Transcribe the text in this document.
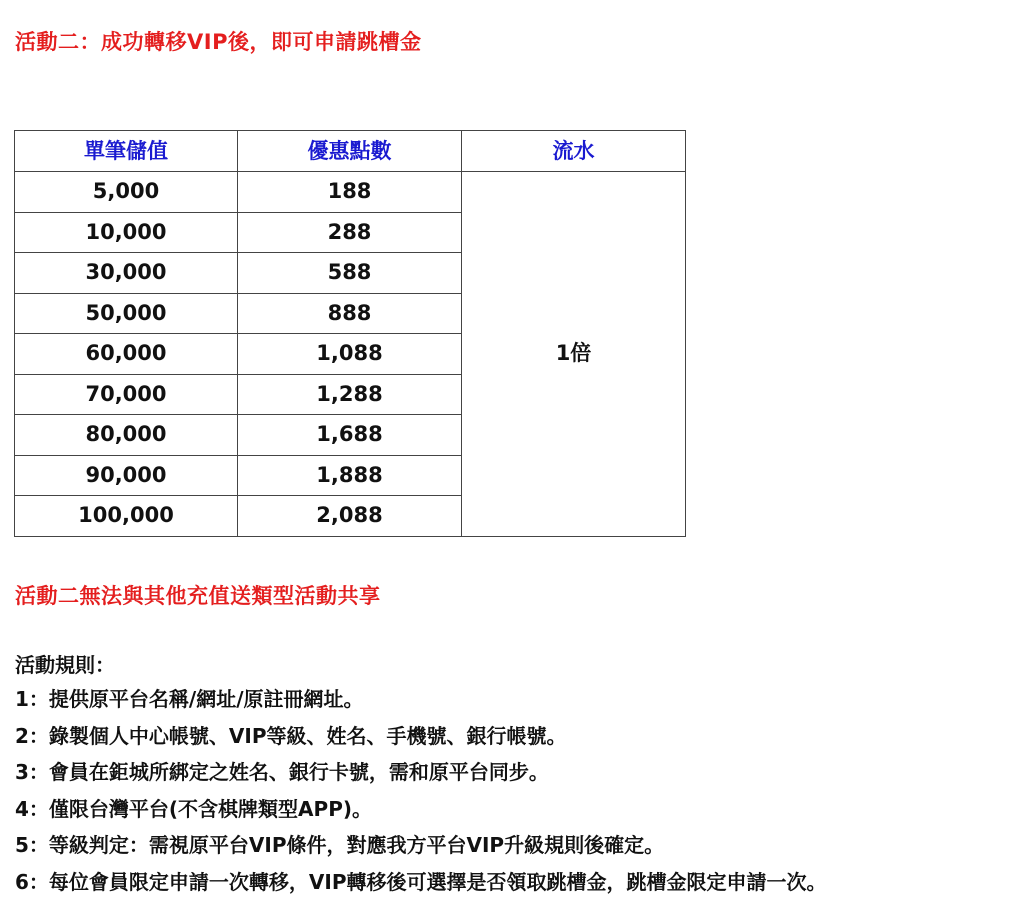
活動二：成功轉移VIP後，即可申請跳槽金
單筆儲值	優惠點數	流水
5,000	188	1倍
10,000	288	
30,000	588	
50,000	888	
60,000	1,088	
70,000	1,288	
80,000	1,688	
90,000	1,888	
100,000	2,088	
活動二無法與其他充值送類型活動共享
活動規則：
1：提供原平台名稱/網址/原註冊網址。
2：錄製個人中心帳號、VIP等級、姓名、手機號、銀行帳號。
3：會員在鉅城所綁定之姓名、銀行卡號，需和原平台同步。
4：僅限台灣平台(不含棋牌類型APP)。
5：等級判定：需視原平台VIP條件，對應我方平台VIP升級規則後確定。
6：每位會員限定申請一次轉移，VIP轉移後可選擇是否領取跳槽金，跳槽金限定申請一次。
